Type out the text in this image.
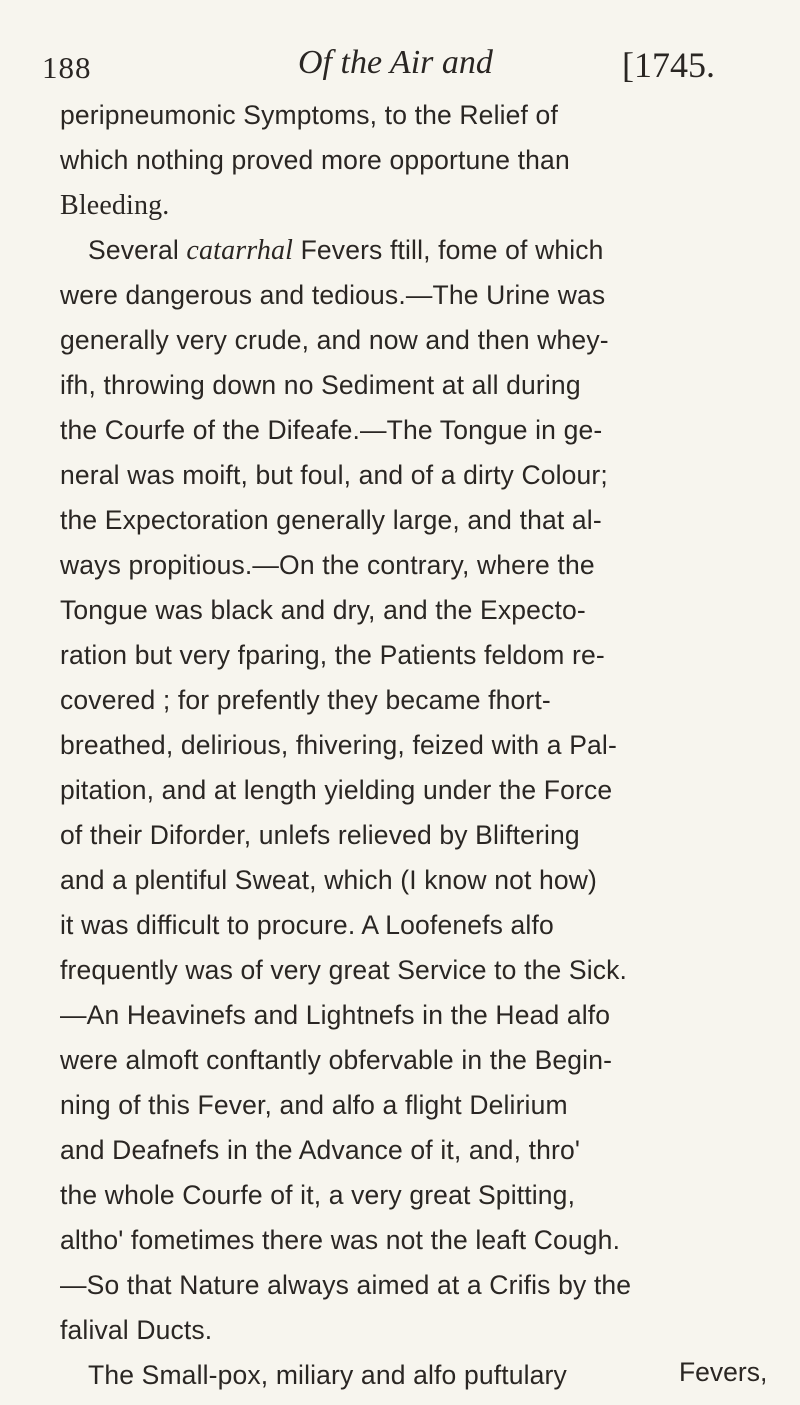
188	Of the Air and	[1745.
peripneumonic Symptoms, to the Relief of
which nothing proved more opportune than
Bleeding.
Several catarrhal Fevers ftill, fome of which
were dangerous and tedious.—The Urine was
generally very crude, and now and then whey-
ifh, throwing down no Sediment at all during
the Courfe of the Difeafe.—The Tongue in ge-
neral was moift, but foul, and of a dirty Colour;
the Expectoration generally large, and that al-
ways propitious.—On the contrary, where the
Tongue was black and dry, and the Expecto-
ration but very fparing, the Patients feldom re-
covered ; for prefently they became fhort-
breathed, delirious, fhivering, feized with a Pal-
pitation, and at length yielding under the Force
of their Diforder, unlefs relieved by Bliftering
and a plentiful Sweat, which (I know not how)
it was difficult to procure. A Loofenefs alfo
frequently was of very great Service to the Sick.
—An Heavinefs and Lightnefs in the Head alfo
were almoft conftantly obfervable in the Begin-
ning of this Fever, and alfo a flight Delirium
and Deafnefs in the Advance of it, and, thro'
the whole Courfe of it, a very great Spitting,
altho' fometimes there was not the leaft Cough.
—So that Nature always aimed at a Crifis by the
falival Ducts.
The Small-pox, miliary and alfo puftulary	Fevers,
